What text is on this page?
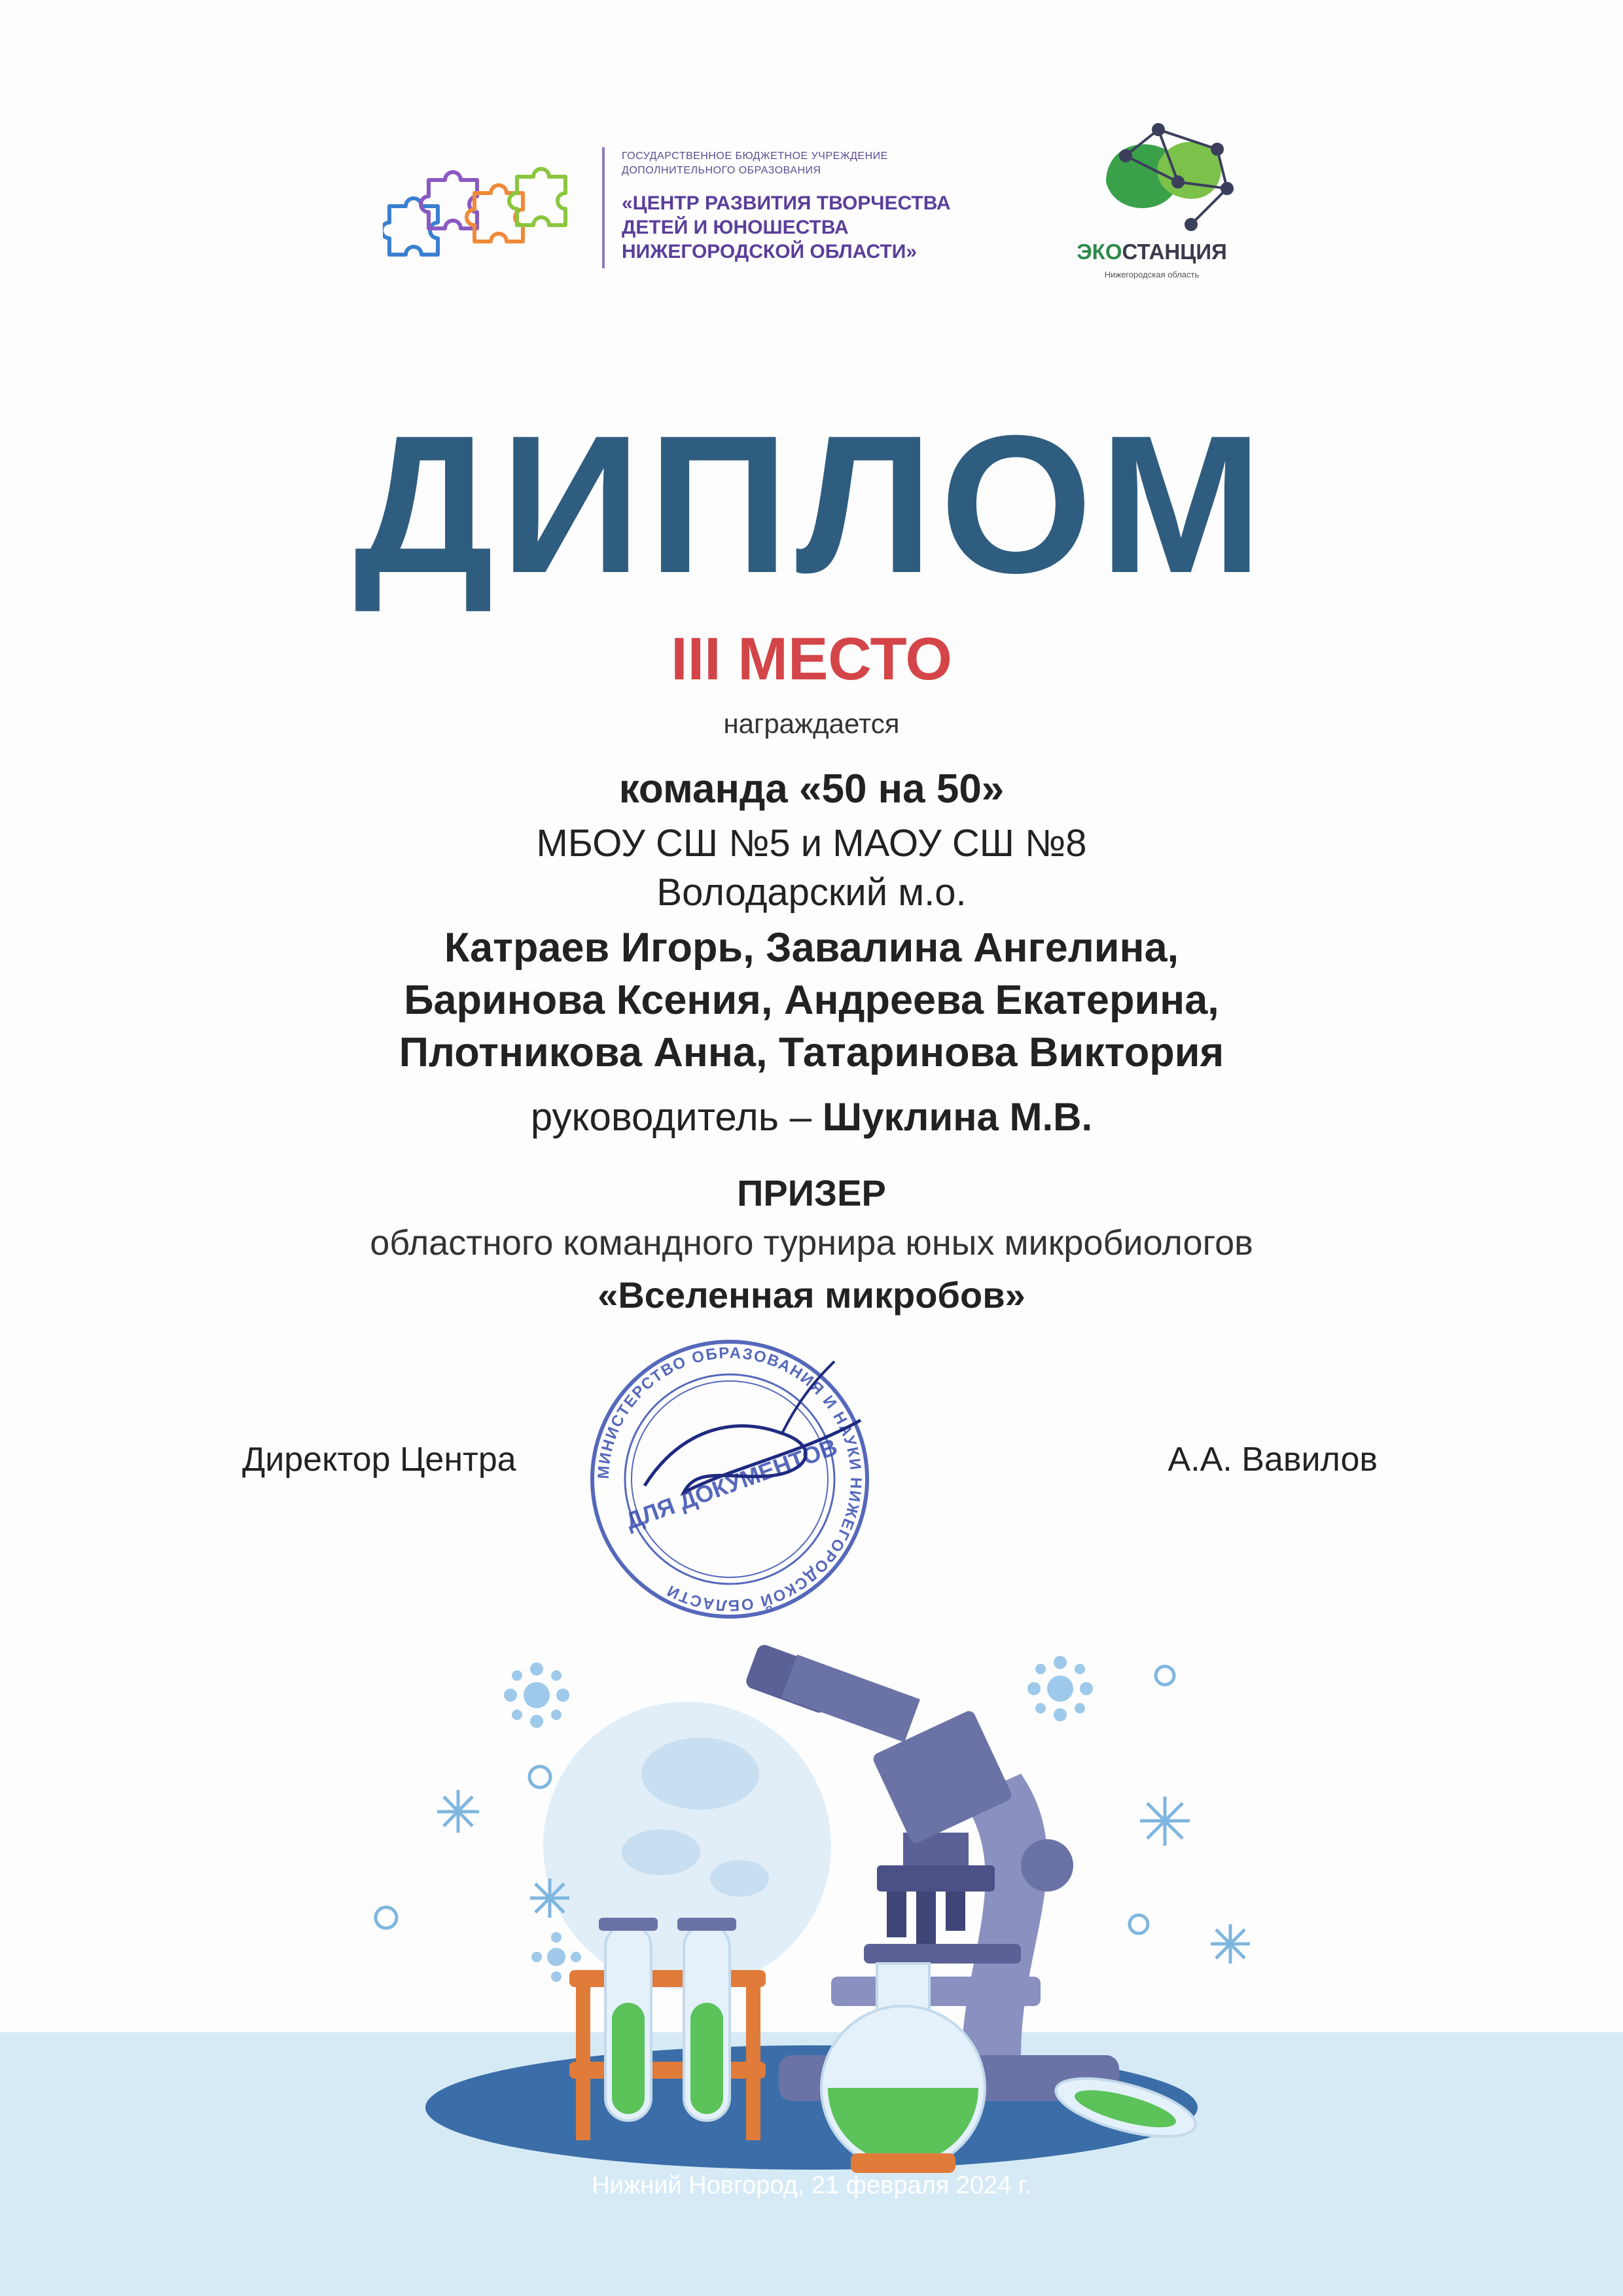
ГОСУДАРСТВЕННОЕ БЮДЖЕТНОЕ УЧРЕЖДЕНИЕ
ДОПОЛНИТЕЛЬНОГО ОБРАЗОВАНИЯ
«ЦЕНТР РАЗВИТИЯ ТВОРЧЕСТВА
ДЕТЕЙ И ЮНОШЕСТВА
НИЖЕГОРОДСКОЙ ОБЛАСТИ»	ЭКОСТАНЦИЯ
Нижегородская область
ДИПЛОМ
III МЕСТО
награждается
команда «50 на 50»
МБОУ СШ №5 и МАОУ СШ №8
Володарский м.о.
Катраев Игорь, Завалина Ангелина,
Баринова Ксения, Андреева Екатерина,
Плотникова Анна, Татаринова Виктория
руководитель – Шуклина М.В.
ПРИЗЕР
областного командного турнира юных микробиологов
«Вселенная микробов»
Директор Центра	А.А. Вавилов
МИНИСТЕРСТВО ОБРАЗОВАНИЯ И НАУКИ НИЖЕГОРОДСКОЙ ОБЛАСТИ
ДЛЯ ДОКУМЕНТОВ
Нижний Новгород, 21 февраля 2024 г.
